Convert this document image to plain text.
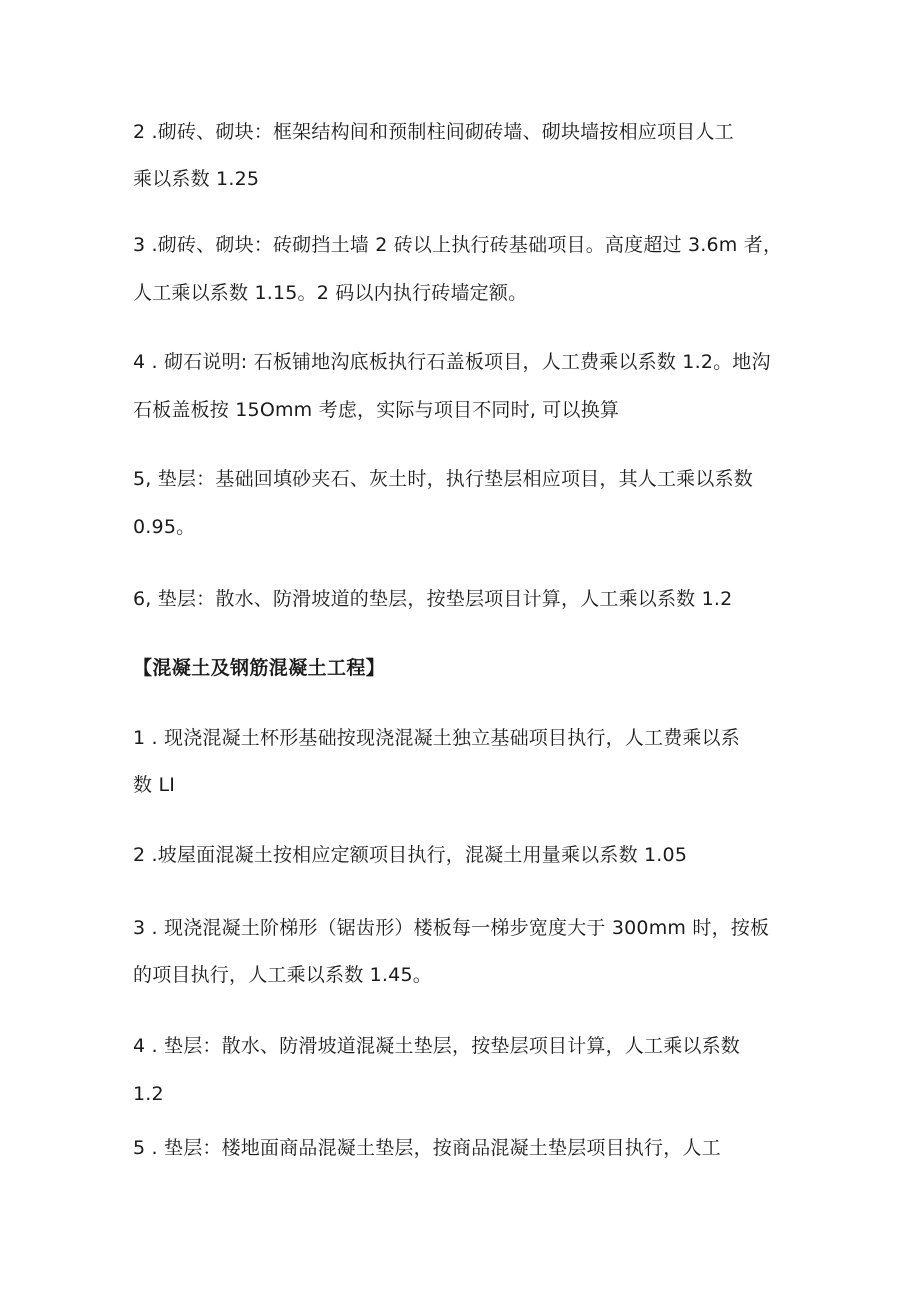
2 .砌砖、砌块：框架结构间和预制柱间砌砖墙、砌块墙按相应项目人工
乘以系数 1.25
3 .砌砖、砌块：砖砌挡土墙 2 砖以上执行砖基础项目。高度超过 3.6m 者，
人工乘以系数 1.15。2 码以内执行砖墙定额。
4 . 砌石说明: 石板铺地沟底板执行石盖板项目，人工费乘以系数 1.2。地沟
石板盖板按 15Omm 考虑，实际与项目不同时, 可以换算
5, 垫层：基础回填砂夹石、灰土时，执行垫层相应项目，其人工乘以系数
0.95。
6, 垫层：散水、防滑坡道的垫层，按垫层项目计算，人工乘以系数 1.2
【混凝土及钢筋混凝土工程】
1 . 现浇混凝土杯形基础按现浇混凝土独立基础项目执行，人工费乘以系
数 LI
2 .坡屋面混凝土按相应定额项目执行，混凝土用量乘以系数 1.05
3 . 现浇混凝土阶梯形（锯齿形）楼板每一梯步宽度大于 300mm 时，按板
的项目执行，人工乘以系数 1.45。
4 . 垫层：散水、防滑坡道混凝土垫层，按垫层项目计算，人工乘以系数
1.2
5 . 垫层：楼地面商品混凝土垫层，按商品混凝土垫层项目执行，人工
